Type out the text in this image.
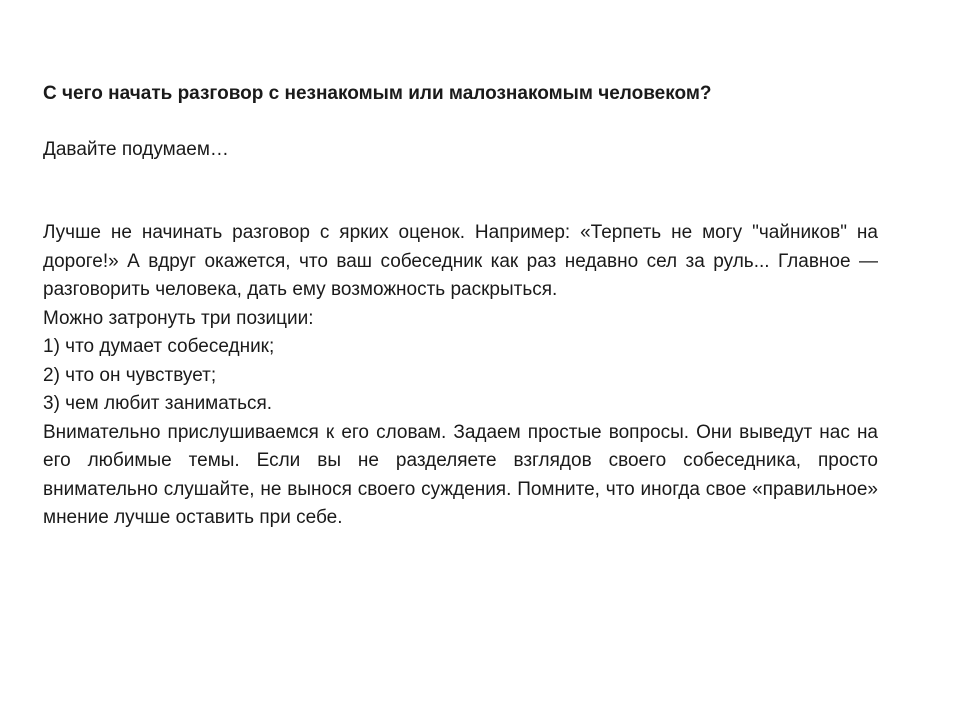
С чего начать разговор с незнакомым или малознакомым человеком?

Давайте подумаем…

Лучше не начинать разговор с ярких оценок. Например: «Терпеть не могу "чайников" на дороге!» А вдруг окажется, что ваш собеседник как раз недавно сел за руль... Главное — разговорить человека, дать ему возможность раскрыться.

Можно затронуть три позиции:

1) что думает собеседник;

2) что он чувствует;

3) чем любит заниматься.

Внимательно прислушиваемся к его словам. Задаем простые вопросы. Они выведут нас на его любимые темы. Если вы не разделяете взглядов своего собеседника, просто внимательно слушайте, не вынося своего суждения. Помните, что иногда свое «правильное» мнение лучше оставить при себе.
